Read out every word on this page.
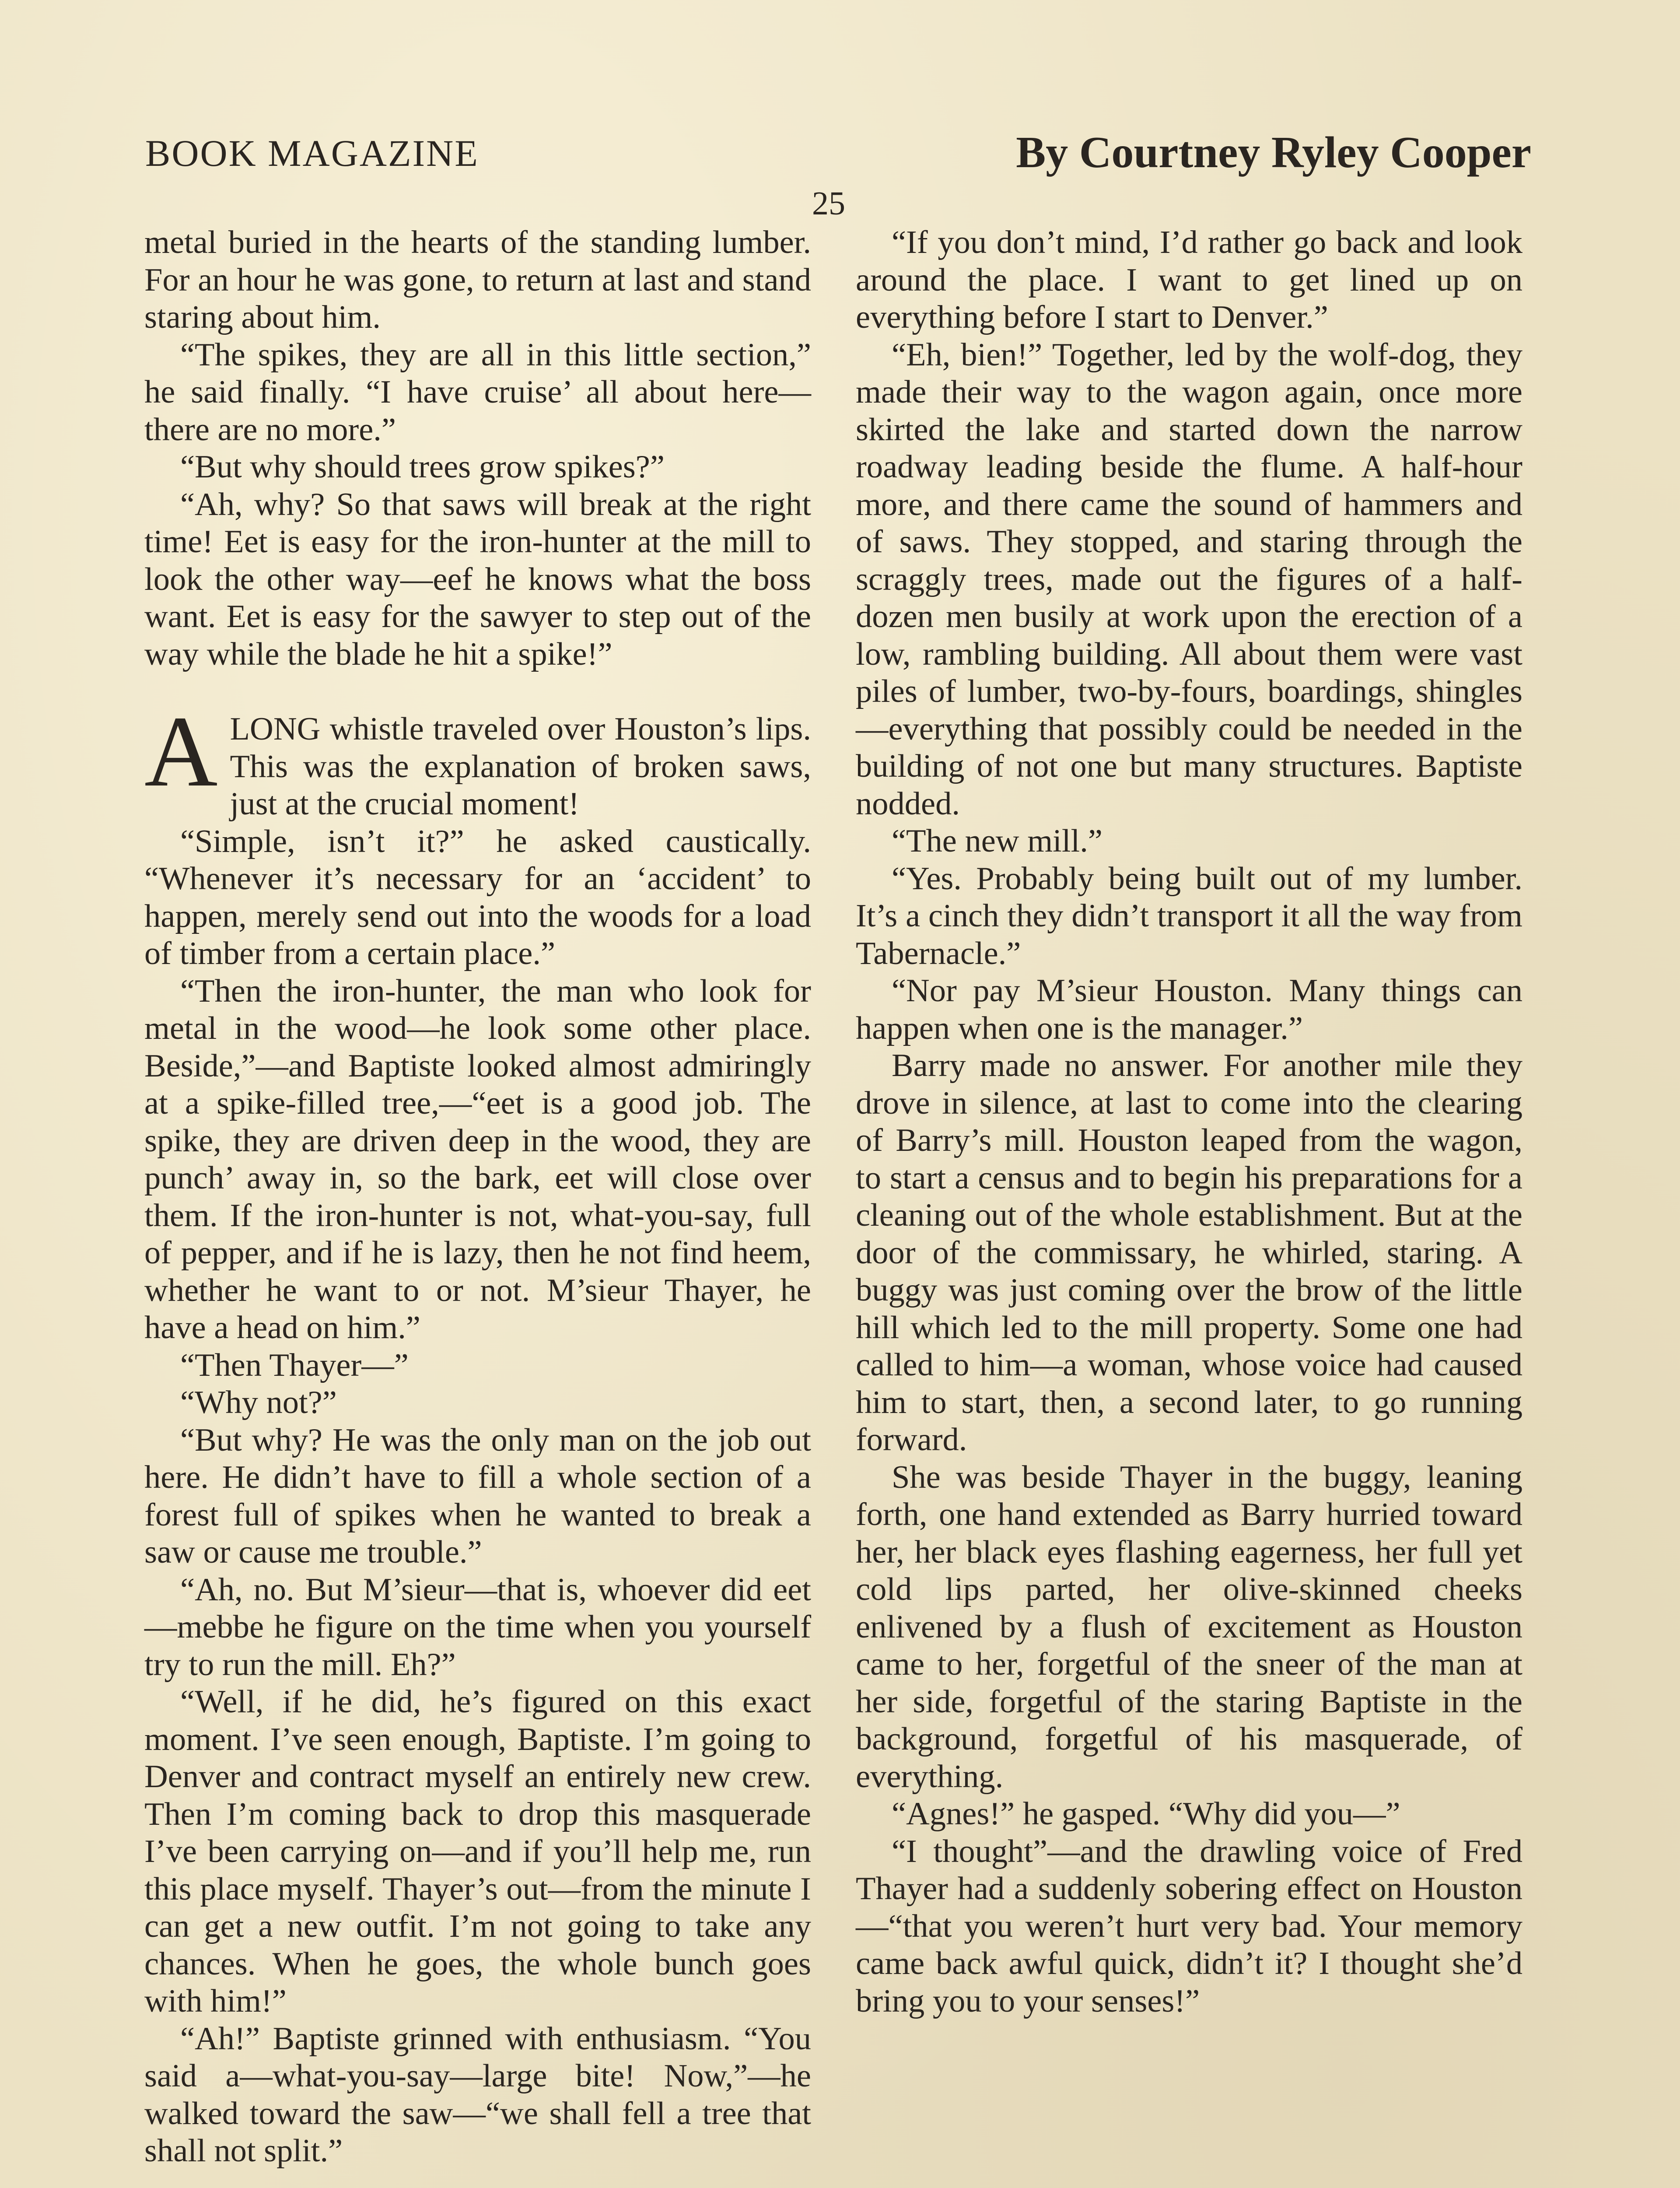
BOOK MAGAZINE	By Courtney Ryley Cooper
25

metal buried in the hearts of the standing lumber. For an hour he was gone, to return at last and stand staring about him.

“The spikes, they are all in this little section,” he said finally. “I have cruise’ all about here—there are no more.”

“But why should trees grow spikes?”

“Ah, why? So that saws will break at the right time! Eet is easy for the iron-hunter at the mill to look the other way—eef he knows what the boss want. Eet is easy for the sawyer to step out of the way while the blade he hit a spike!”

ALONG whistle traveled over Houston’s lips. This was the explanation of broken saws, just at the crucial moment!

“Simple, isn’t it?” he asked caustically. “Whenever it’s necessary for an ‘accident’ to happen, merely send out into the woods for a load of timber from a certain place.”

“Then the iron-hunter, the man who look for metal in the wood—he look some other place. Beside,”—and Baptiste looked almost admiringly at a spike-filled tree,—“eet is a good job. The spike, they are driven deep in the wood, they are punch’ away in, so the bark, eet will close over them. If the iron-hunter is not, what-you-say, full of pepper, and if he is lazy, then he not find heem, whether he want to or not. M’sieur Thayer, he have a head on him.”

“Then Thayer—”

“Why not?”

“But why? He was the only man on the job out here. He didn’t have to fill a whole section of a forest full of spikes when he wanted to break a saw or cause me trouble.”

“Ah, no. But M’sieur—that is, whoever did eet—mebbe he figure on the time when you yourself try to run the mill. Eh?”

“Well, if he did, he’s figured on this exact moment. I’ve seen enough, Baptiste. I’m going to Denver and contract myself an entirely new crew. Then I’m coming back to drop this masquerade I’ve been carrying on—and if you’ll help me, run this place myself. Thayer’s out—from the minute I can get a new outfit. I’m not going to take any chances. When he goes, the whole bunch goes with him!”

“Ah!” Baptiste grinned with enthusiasm. “You said a—what-you-say—large bite! Now,”—he walked toward the saw—“we shall fell a tree that shall not split.”

“If you don’t mind, I’d rather go back and look around the place. I want to get lined up on everything before I start to Denver.”

“Eh, bien!” Together, led by the wolf-dog, they made their way to the wagon again, once more skirted the lake and started down the narrow roadway leading beside the flume. A half-hour more, and there came the sound of hammers and of saws. They stopped, and staring through the scraggly trees, made out the figures of a half-dozen men busily at work upon the erection of a low, rambling building. All about them were vast piles of lumber, two-by-fours, boardings, shingles—everything that possibly could be needed in the building of not one but many structures. Baptiste nodded.

“The new mill.”

“Yes. Probably being built out of my lumber. It’s a cinch they didn’t transport it all the way from Tabernacle.”

“Nor pay M’sieur Houston. Many things can happen when one is the manager.”

Barry made no answer. For another mile they drove in silence, at last to come into the clearing of Barry’s mill. Houston leaped from the wagon, to start a census and to begin his preparations for a cleaning out of the whole establishment. But at the door of the commissary, he whirled, staring. A buggy was just coming over the brow of the little hill which led to the mill property. Some one had called to him—a woman, whose voice had caused him to start, then, a second later, to go running forward.

She was beside Thayer in the buggy, leaning forth, one hand extended as Barry hurried toward her, her black eyes flashing eagerness, her full yet cold lips parted, her olive-skinned cheeks enlivened by a flush of excitement as Houston came to her, forgetful of the sneer of the man at her side, forgetful of the staring Baptiste in the background, forgetful of his masquerade, of everything.

“Agnes!” he gasped. “Why did you—”

“I thought”—and the drawling voice of Fred Thayer had a suddenly sobering effect on Houston—“that you weren’t hurt very bad. Your memory came back awful quick, didn’t it? I thought she’d bring you to your senses!”
